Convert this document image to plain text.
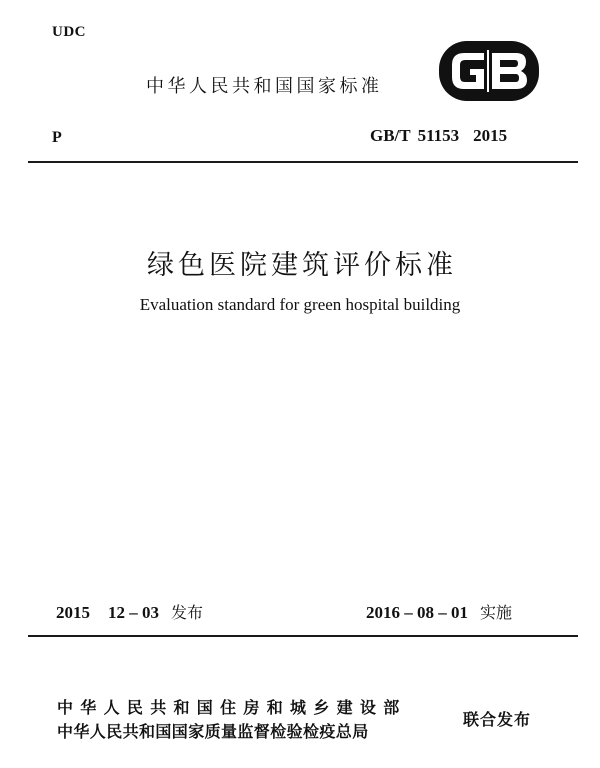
UDC
中华人民共和国国家标准
P	GB/T 51153 2015
绿色医院建筑评价标准
Evaluation standard for green hospital building
2015 12 – 03 发布	2016 – 08 – 01 实施
中华人民共和国住房和城乡建设部
中华人民共和国国家质量监督检验检疫总局
联合发布
